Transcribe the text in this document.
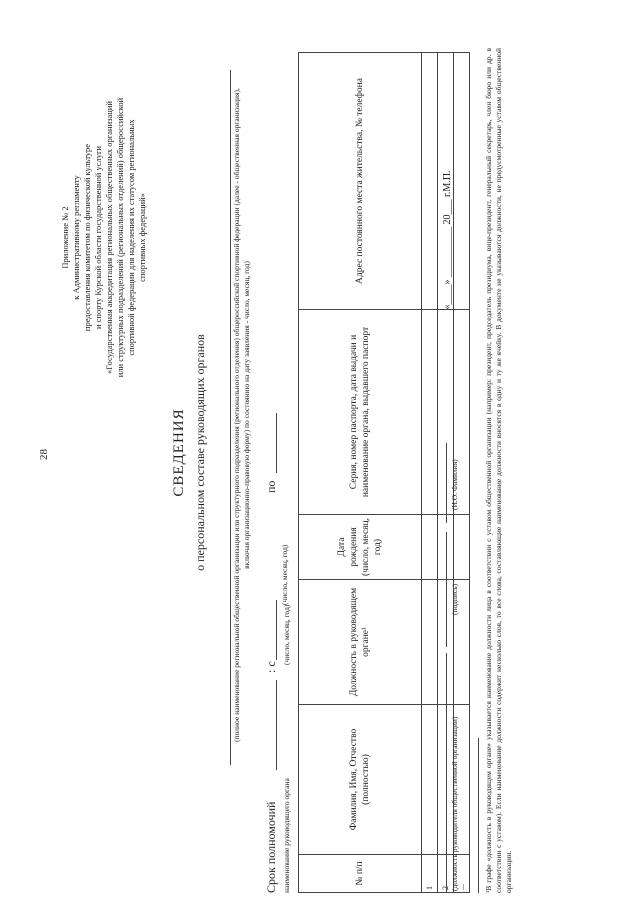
28
Приложение № 2 к Административному регламенту предоставления комитетом по физической культуре и спорту Курской области государственной услуги «Государственная аккредитация региональных общественных организаций или структурных подразделений (региональных отделений) общероссийской спортивной федерации для наделения их статусом региональных спортивных федераций»
СВЕДЕНИЯ о персональном составе руководящих органов	(полное наименование региональной общественной организации или структурного подразделения (регионального отделения) общероссийской спортивной федерации (далее - общественная организация), включая организационно-правовую форму) по состоянию на дату заявления - число, месяц, год)
Срок полномочий наименование руководящего органа
(число, месяц, год)
: с
по
(число, месяц, год)
№ п/п	Фамилия, Имя, Отчество (полностью)	Должность в руководящем органе¹	Дата рождения (число, месяц, год)	Серия, номер паспорта, дата выдачи и наименование органа, выдавшего паспорт	Адрес постоянного места жительства, № телефона
1					
2					
...					
(должность руководителя общественной организации)
(подпись)
(И.О. Фамилия)
«____» __________ 20___ г.М.П.	¹В графе «должность в руководящем органе» указывается наименование должности лица в соответствии с уставом общественной организации (например: президент, председатель президиума, вице-президент, генеральный секретарь, член бюро или др. в соответствии с уставом). Если наименование должности содержит несколько слов, то все слова, составляющие наименование должности вносятся в одну и ту же ячейку. В документе не указываются должности, не предусмотренные уставом общественной организации.
